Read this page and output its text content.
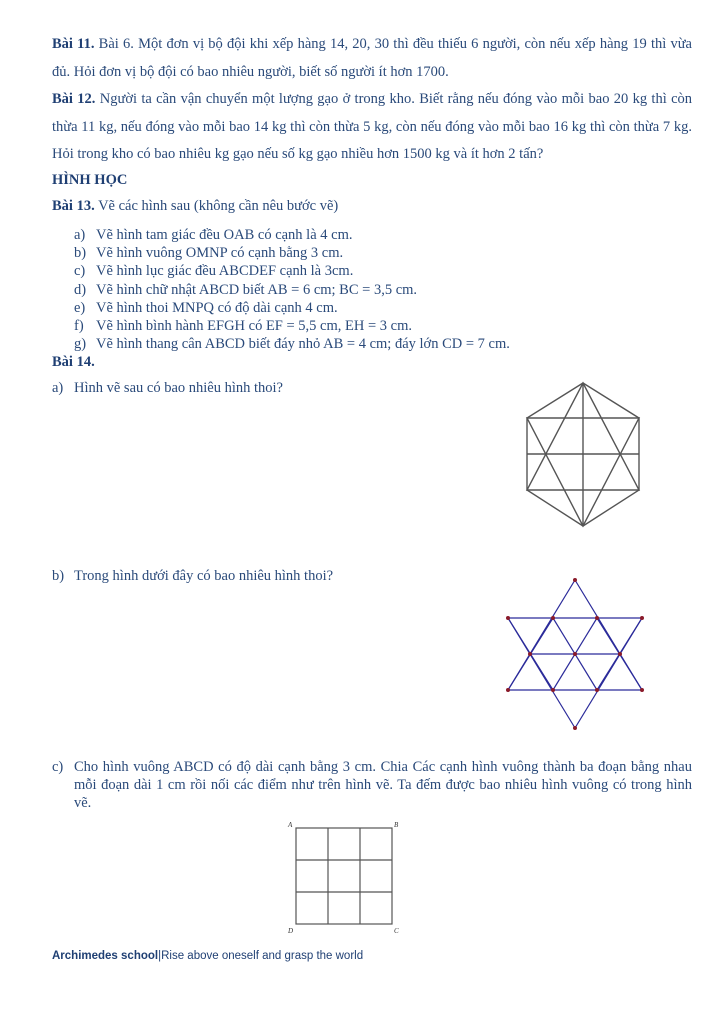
Bài 11. Bài 6. Một đơn vị bộ đội khi xếp hàng 14, 20, 30 thì đều thiếu 6 người, còn nếu xếp hàng 19 thì vừa đủ. Hỏi đơn vị bộ đội có bao nhiêu người, biết số người ít hơn 1700.
Bài 12. Người ta cần vận chuyển một lượng gạo ở trong kho. Biết rằng nếu đóng vào mỗi bao 20 kg thì còn thừa 11 kg, nếu đóng vào mỗi bao 14 kg thì còn thừa 5 kg, còn nếu đóng vào mỗi bao 16 kg thì còn thừa 7 kg. Hỏi trong kho có bao nhiêu kg gạo nếu số kg gạo nhiều hơn 1500 kg và ít hơn 2 tấn?
HÌNH HỌC
Bài 13. Vẽ các hình sau (không cần nêu bước vẽ)
a) Vẽ hình tam giác đều OAB có cạnh là 4 cm.
b) Vẽ hình vuông OMNP có cạnh bằng 3 cm.
c) Vẽ hình lục giác đều ABCDEF cạnh là 3cm.
d) Vẽ hình chữ nhật ABCD biết AB = 6 cm; BC = 3,5 cm.
e) Vẽ hình thoi MNPQ có độ dài cạnh 4 cm.
f) Vẽ hình bình hành EFGH có EF = 5,5 cm, EH = 3 cm.
g) Vẽ hình thang cân ABCD biết đáy nhỏ AB = 4 cm; đáy lớn CD = 7 cm.
Bài 14.
a) Hình vẽ sau có bao nhiêu hình thoi?
b) Trong hình dưới đây có bao nhiêu hình thoi?
c) Cho hình vuông ABCD có độ dài cạnh bằng 3 cm. Chia Các cạnh hình vuông thành ba đoạn bằng nhau mỗi đoạn dài 1 cm rồi nối các điểm như trên hình vẽ. Ta đếm được bao nhiêu hình vuông có trong hình vẽ.
A	B
C
D
Archimedes school|Rise above oneself and grasp the world
